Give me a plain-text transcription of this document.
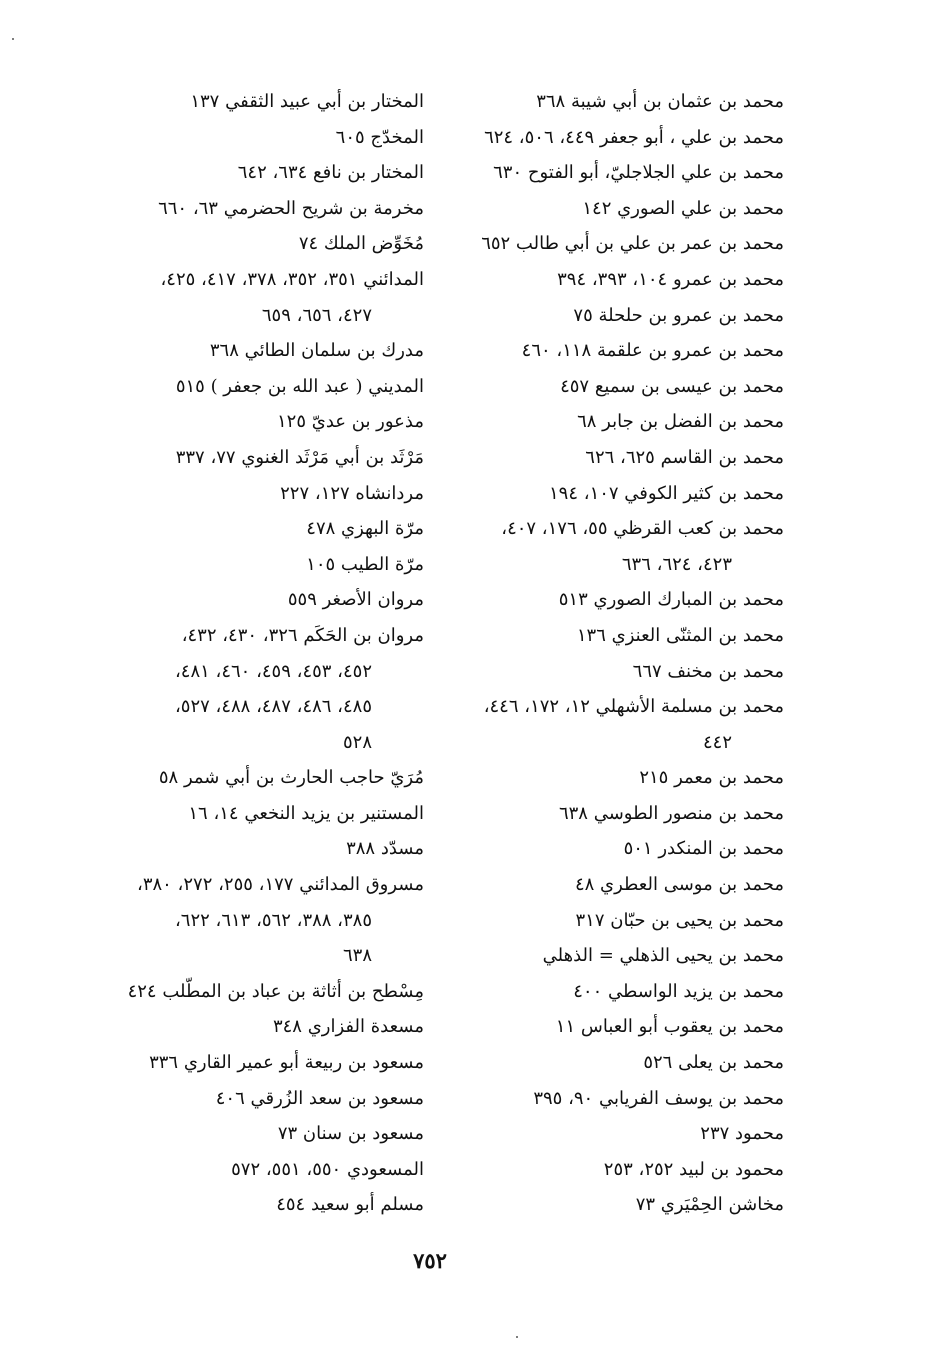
محمد بن عثمان بن أبي شيبة ٣٦٨
محمد بن علي ، أبو جعفر ٤٤٩، ٥٠٦، ٦٢٤
محمد بن علي الجلاجليّ، أبو الفتوح ٦٣٠
محمد بن علي الصوري ١٤٢
محمد بن عمر بن علي بن أبي طالب ٦٥٢
محمد بن عمرو ١٠٤، ٣٩٣، ٣٩٤
محمد بن عمرو بن حلحلة ٧٥
محمد بن عمرو بن علقمة ١١٨، ٤٦٠
محمد بن عيسى بن سميع ٤٥٧
محمد بن الفضل بن جابر ٦٨
محمد بن القاسم ٦٢٥، ٦٢٦
محمد بن كثير الكوفي ١٠٧، ١٩٤
محمد بن كعب القرظي ٥٥، ١٧٦، ٤٠٧،
٤٢٣، ٦٢٤، ٦٣٦
محمد بن المبارك الصوري ٥١٣
محمد بن المثنّى العنزي ١٣٦
محمد بن مخنف ٦٦٧
محمد بن مسلمة الأشهلي ١٢، ١٧٢، ٤٤٦،
٤٤٢
محمد بن معمر ٢١٥
محمد بن منصور الطوسي ٦٣٨
محمد بن المنكدر ٥٠١
محمد بن موسى العطري ٤٨
محمد بن يحيى بن حبّان ٣١٧
محمد بن يحيى الذهلي = الذهلي
محمد بن يزيد الواسطي ٤٠٠
محمد بن يعقوب أبو العباس ١١
محمد بن يعلى ٥٢٦
محمد بن يوسف الفريابي ٩٠، ٣٩٥
محمود ٢٣٧
محمود بن لبيد ٢٥٢، ٢٥٣
مخاشن الحِمْيَري ٧٣
المختار بن أبي عبيد الثقفي ١٣٧
المخدّج ٦٠٥
المختار بن نافع ٦٣٤، ٦٤٢
مخرمة بن شريح الحضرمي ٦٣، ٦٦٠
مُخَوِّض الملك ٧٤
المدائني ٣٥١، ٣٥٢، ٣٧٨، ٤١٧، ٤٢٥،
٤٢٧، ٦٥٦، ٦٥٩
مدرك بن سلمان الطائي ٣٦٨
المديني ( عبد الله بن جعفر ) ٥١٥
مذعور بن عديّ ١٢٥
مَرْثَد بن أبي مَرْثَد الغنوي ٧٧، ٣٣٧
مردانشاه ١٢٧، ٢٢٧
مرّة البهزي ٤٧٨
مرّة الطيب ١٠٥
مروان الأصغر ٥٥٩
مروان بن الحَكَم ٣٢٦، ٤٣٠، ٤٣٢،
٤٥٢، ٤٥٣، ٤٥٩، ٤٦٠، ٤٨١،
٤٨٥، ٤٨٦، ٤٨٧، ٤٨٨، ٥٢٧،
٥٢٨
مُرَيّ حاجب الحارث بن أبي شمر ٥٨
المستنير بن يزيد النخعي ١٤، ١٦
مسدّد ٣٨٨
مسروق المدائني ١٧٧، ٢٥٥، ٢٧٢، ٣٨٠،
٣٨٥، ٣٨٨، ٥٦٢، ٦١٣، ٦٢٢،
٦٣٨
مِسْطح بن أثاثة بن عباد بن المطّلب ٤٢٤
مسعدة الفزاري ٣٤٨
مسعود بن ربيعة أبو عمير القاري ٣٣٦
مسعود بن سعد الزُرقي ٤٠٦
مسعود بن سنان ٧٣
المسعودي ٥٥٠، ٥٥١، ٥٧٢
مسلم أبو سعيد ٤٥٤
٧٥٢
